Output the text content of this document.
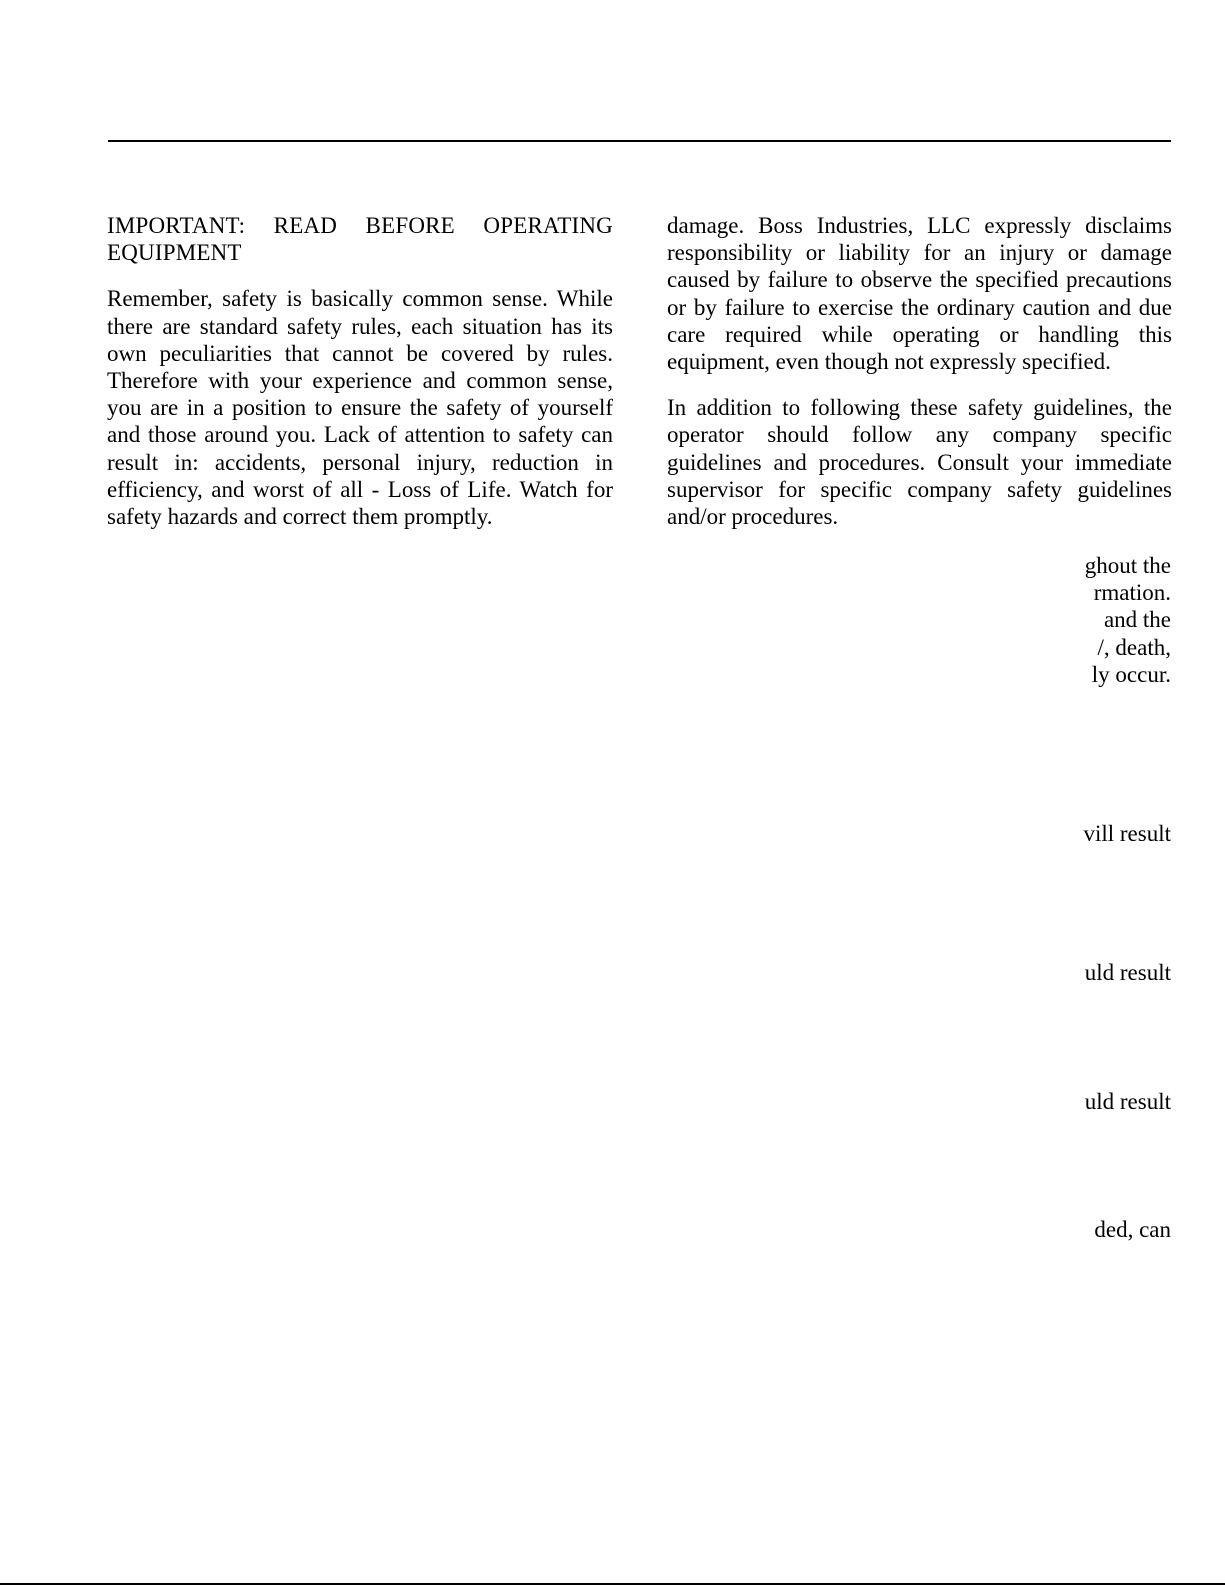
IMPORTANT: READ BEFORE OPERATING EQUIPMENT

Remember, safety is basically common sense. While there are standard safety rules, each situation has its own peculiarities that cannot be covered by rules. Therefore with your experience and common sense, you are in a position to ensure the safety of yourself and those around you. Lack of attention to safety can result in: accidents, personal injury, reduction in efficiency, and worst of all - Loss of Life. Watch for safety hazards and correct them promptly.

damage. Boss Industries, LLC expressly disclaims responsibility or liability for an injury or damage caused by failure to observe the specified precautions or by failure to exercise the ordinary caution and due care required while operating or handling this equipment, even though not expressly specified.

In addition to following these safety guidelines, the operator should follow any company specific guidelines and procedures. Consult your immediate supervisor for specific company safety guidelines and/or procedures.

ghout the
rmation.
and the
/, death,
ly occur.
vill result
uld result
uld result
ded, can
